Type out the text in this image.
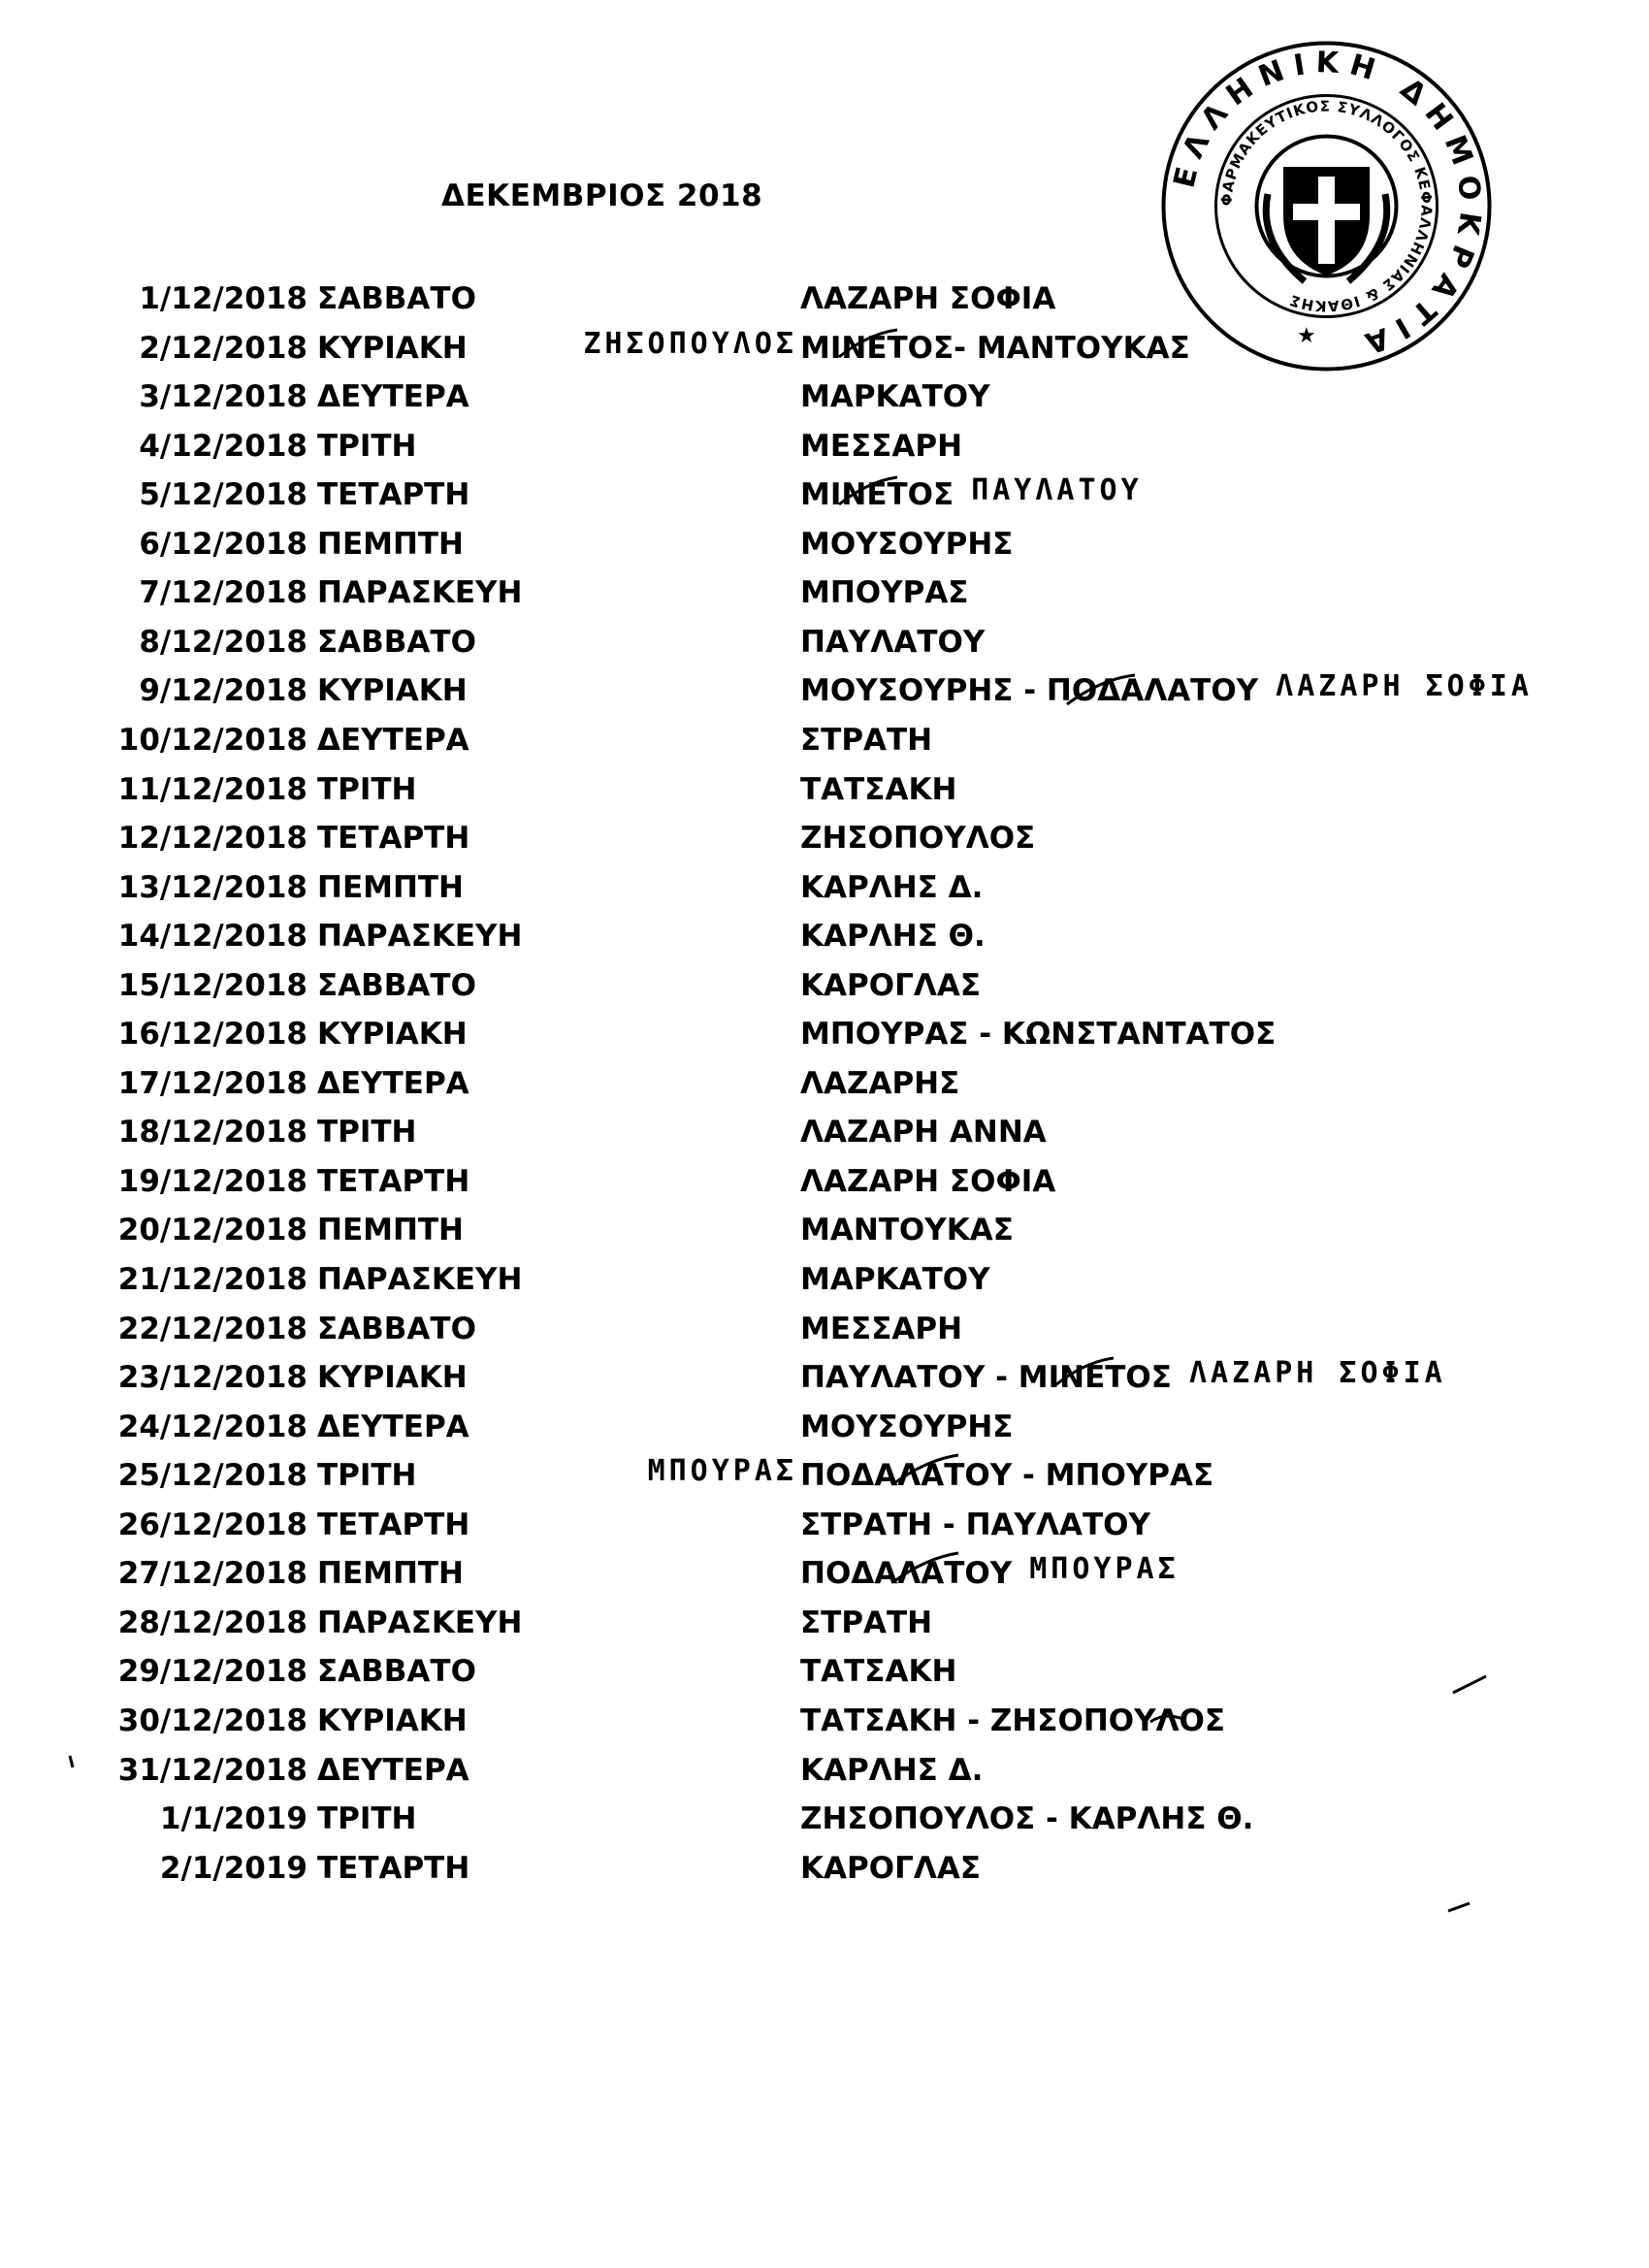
ΔΕΚΕΜΒΡΙΟΣ 2018
1/12/2018 ΣΑΒΒΑΤΟ	ΛΑΖΑΡΗ ΣΟΦΙΑ
2/12/2018 ΚΥΡΙΑΚΗ	ΜΙΝΕΤΟΣ- ΜΑΝΤΟΥΚΑΣ
3/12/2018 ΔΕΥΤΕΡΑ	ΜΑΡΚΑΤΟΥ
4/12/2018 ΤΡΙΤΗ	ΜΕΣΣΑΡΗ
5/12/2018 ΤΕΤΑΡΤΗ	ΜΙΝΕΤΟΣ
6/12/2018 ΠΕΜΠΤΗ	ΜΟΥΣΟΥΡΗΣ
7/12/2018 ΠΑΡΑΣΚΕΥΗ	ΜΠΟΥΡΑΣ
8/12/2018 ΣΑΒΒΑΤΟ	ΠΑΥΛΑΤΟΥ
9/12/2018 ΚΥΡΙΑΚΗ	ΜΟΥΣΟΥΡΗΣ - ΠΟΔΑΛΑΤΟΥ
10/12/2018 ΔΕΥΤΕΡΑ	ΣΤΡΑΤΗ
11/12/2018 ΤΡΙΤΗ	ΤΑΤΣΑΚΗ
12/12/2018 ΤΕΤΑΡΤΗ	ΖΗΣΟΠΟΥΛΟΣ
13/12/2018 ΠΕΜΠΤΗ	ΚΑΡΛΗΣ Δ.
14/12/2018 ΠΑΡΑΣΚΕΥΗ	ΚΑΡΛΗΣ Θ.
15/12/2018 ΣΑΒΒΑΤΟ	ΚΑΡΟΓΛΑΣ
16/12/2018 ΚΥΡΙΑΚΗ	ΜΠΟΥΡΑΣ - ΚΩΝΣΤΑΝΤΑΤΟΣ
17/12/2018 ΔΕΥΤΕΡΑ	ΛΑΖΑΡΗΣ
18/12/2018 ΤΡΙΤΗ	ΛΑΖΑΡΗ ΑΝΝΑ
19/12/2018 ΤΕΤΑΡΤΗ	ΛΑΖΑΡΗ ΣΟΦΙΑ
20/12/2018 ΠΕΜΠΤΗ	ΜΑΝΤΟΥΚΑΣ
21/12/2018 ΠΑΡΑΣΚΕΥΗ	ΜΑΡΚΑΤΟΥ
22/12/2018 ΣΑΒΒΑΤΟ	ΜΕΣΣΑΡΗ
23/12/2018 ΚΥΡΙΑΚΗ	ΠΑΥΛΑΤΟΥ - ΜΙΝΕΤΟΣ
24/12/2018 ΔΕΥΤΕΡΑ	ΜΟΥΣΟΥΡΗΣ
25/12/2018 ΤΡΙΤΗ	ΠΟΔΑΛΑΤΟΥ - ΜΠΟΥΡΑΣ
26/12/2018 ΤΕΤΑΡΤΗ	ΣΤΡΑΤΗ - ΠΑΥΛΑΤΟΥ
27/12/2018 ΠΕΜΠΤΗ	ΠΟΔΑΛΑΤΟΥ
28/12/2018 ΠΑΡΑΣΚΕΥΗ	ΣΤΡΑΤΗ
29/12/2018 ΣΑΒΒΑΤΟ	ΤΑΤΣΑΚΗ
30/12/2018 ΚΥΡΙΑΚΗ	ΤΑΤΣΑΚΗ - ΖΗΣΟΠΟΥΛΟΣ
31/12/2018 ΔΕΥΤΕΡΑ	ΚΑΡΛΗΣ Δ.
1/1/2019 ΤΡΙΤΗ	ΖΗΣΟΠΟΥΛΟΣ - ΚΑΡΛΗΣ Θ.
2/1/2019 ΤΕΤΑΡΤΗ	ΚΑΡΟΓΛΑΣ
ΖΗΣΟΠΟΥΛΟΣ
ΠΑΥΛΑΤΟΥ
ΛΑΖΑΡΗ ΣΟΦΙΑ
ΛΑΖΑΡΗ ΣΟΦΙΑ
ΜΠΟΥΡΑΣ
ΜΠΟΥΡΑΣ
ΕΛΛΗΝΙΚΗ ΔΗΜΟΚΡΑΤΙΑ
ΦΑΡΜΑΚΕΥΤΙΚΟΣ ΣΥΛΛΟΓΟΣ ΚΕΦΑΛΛΗΝΙΑΣ & ΙΘΑΚΗΣ
★
